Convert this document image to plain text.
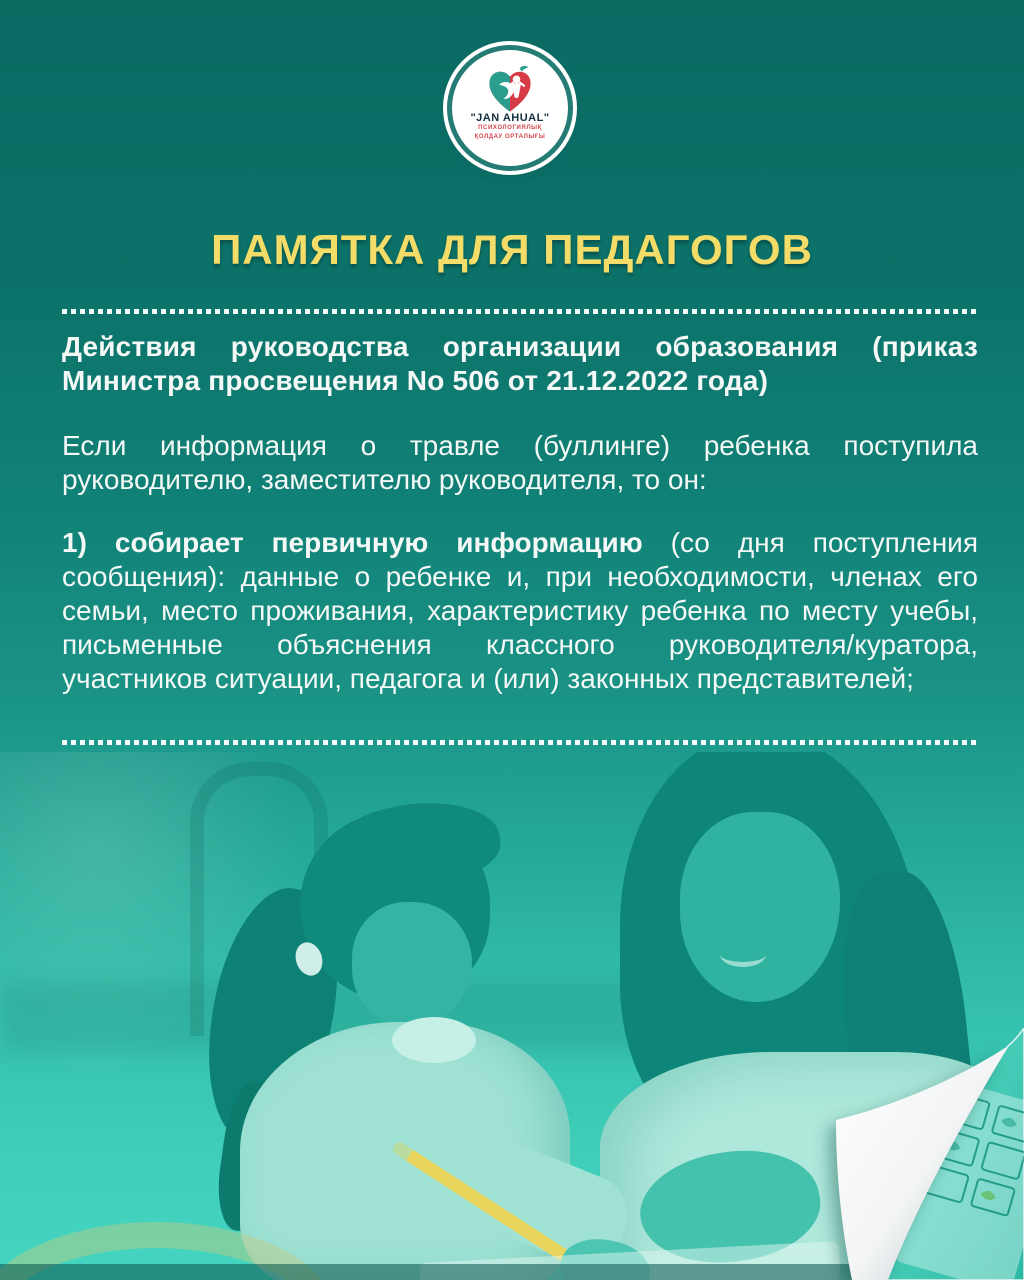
"JAN AHUAL"
ПСИХОЛОГИЯЛЫҚ
ҚОЛДАУ ОРТАЛЫҒЫ
ПАМЯТКА ДЛЯ ПЕДАГОГОВ

Действия руководства организации образования (приказ Министра просвещения No 506 от 21.12.2022 года)

Если информация о травле (буллинге) ребенка поступила руководителю, заместителю руководителя, то он:

1) собирает первичную информацию (со дня поступления сообщения): данные о ребенке и, при необходимости, членах его семьи, место проживания, характеристику ребенка по месту учебы, письменные объяснения классного руководителя/куратора, участников ситуации, педагога и (или) законных представителей;
